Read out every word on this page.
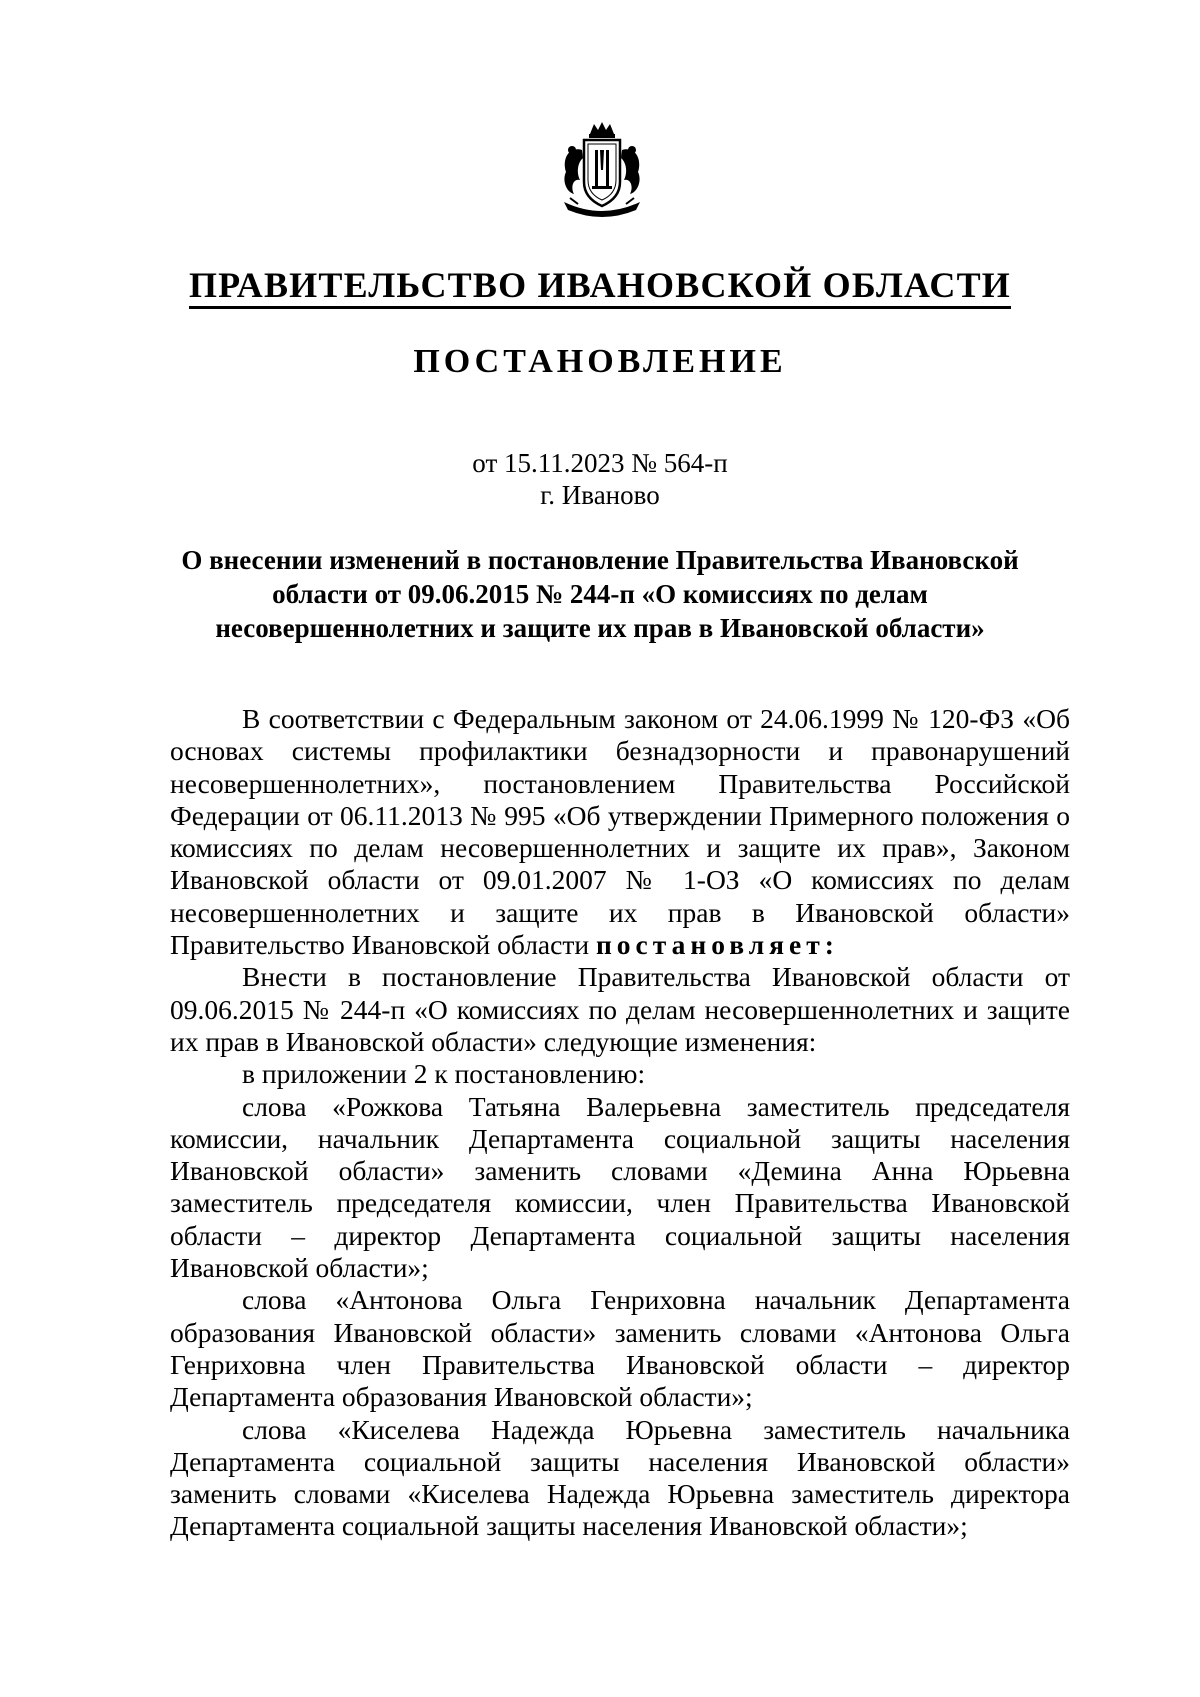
ПРАВИТЕЛЬСТВО ИВАНОВСКОЙ ОБЛАСТИ
ПОСТАНОВЛЕНИЕ
от 15.11.2023 № 564-п
г. Иваново
О внесении изменений в постановление Правительства Ивановской области от 09.06.2015 № 244-п «О комиссиях по делам несовершеннолетних и защите их прав в Ивановской области»

В соответствии с Федеральным законом от 24.06.1999 № 120-ФЗ «Об основах системы профилактики безнадзорности и правонарушений несовершеннолетних», постановлением Правительства Российской Федерации от 06.11.2013 № 995 «Об утверждении Примерного положения о комиссиях по делам несовершеннолетних и защите их прав», Законом Ивановской области от 09.01.2007 № 1-ОЗ «О комиссиях по делам несовершеннолетних и защите их прав в Ивановской области» Правительство Ивановской области постановляет:

Внести в постановление Правительства Ивановской области от 09.06.2015 № 244-п «О комиссиях по делам несовершеннолетних и защите их прав в Ивановской области» следующие изменения:

в приложении 2 к постановлению:

слова «Рожкова Татьяна Валерьевна заместитель председателя комиссии, начальник Департамента социальной защиты населения Ивановской области» заменить словами «Демина Анна Юрьевна заместитель председателя комиссии, член Правительства Ивановской области – директор Департамента социальной защиты населения Ивановской области»;

слова «Антонова Ольга Генриховна начальник Департамента образования Ивановской области» заменить словами «Антонова Ольга Генриховна член Правительства Ивановской области – директор Департамента образования Ивановской области»;

слова «Киселева Надежда Юрьевна заместитель начальника Департамента социальной защиты населения Ивановской области» заменить словами «Киселева Надежда Юрьевна заместитель директора Департамента социальной защиты населения Ивановской области»;
